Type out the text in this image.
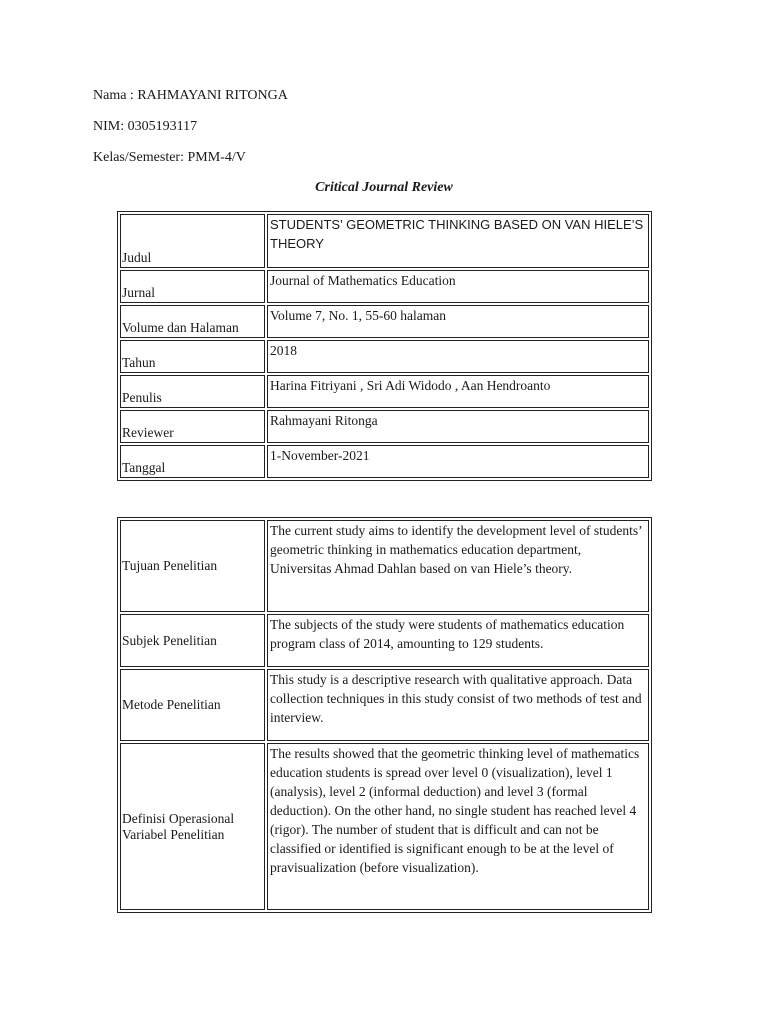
Nama : RAHMAYANI RITONGA
NIM: 0305193117
Kelas/Semester: PMM-4/V
Critical Journal Review
Judul	STUDENTS’ GEOMETRIC THINKING BASED ON VAN HIELE’S THEORY
Jurnal	Journal of Mathematics Education
Volume dan Halaman	Volume 7, No. 1, 55-60 halaman
Tahun	2018
Penulis	Harina Fitriyani , Sri Adi Widodo , Aan Hendroanto
Reviewer	Rahmayani Ritonga
Tanggal	1-November-2021
Tujuan Penelitian	The current study aims to identify the development level of students’ geometric thinking in mathematics education department, Universitas Ahmad Dahlan based on van Hiele’s theory.
Subjek Penelitian	The subjects of the study were students of mathematics education program class of 2014, amounting to 129 students.
Metode Penelitian	This study is a descriptive research with qualitative approach. Data collection techniques in this study consist of two methods of test and interview.
Definisi Operasional Variabel Penelitian	The results showed that the geometric thinking level of mathematics education students is spread over level 0 (visualization), level 1 (analysis), level 2 (informal deduction) and level 3 (formal deduction). On the other hand, no single student has reached level 4 (rigor). The number of student that is difficult and can not be classified or identified is significant enough to be at the level of pravisualization (before visualization).
